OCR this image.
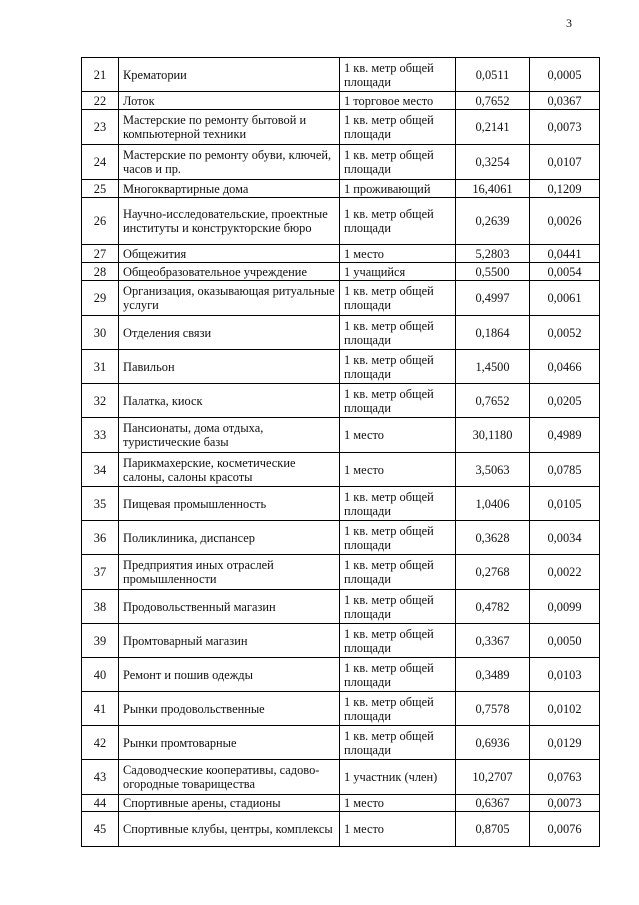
3
21	Крематории	1 кв. метр общей площади	0,0511	0,0005
22	Лоток	1 торговое место	0,7652	0,0367
23	Мастерские по ремонту бытовой и компьютерной техники	1 кв. метр общей площади	0,2141	0,0073
24	Мастерские по ремонту обуви, ключей, часов и пр.	1 кв. метр общей площади	0,3254	0,0107
25	Многоквартирные дома	1 проживающий	16,4061	0,1209
26	Научно-исследовательские, проектные институты и конструкторские бюро	1 кв. метр общей площади	0,2639	0,0026
27	Общежития	1 место	5,2803	0,0441
28	Общеобразовательное учреждение	1 учащийся	0,5500	0,0054
29	Организация, оказывающая ритуальные услуги	1 кв. метр общей площади	0,4997	0,0061
30	Отделения связи	1 кв. метр общей площади	0,1864	0,0052
31	Павильон	1 кв. метр общей площади	1,4500	0,0466
32	Палатка, киоск	1 кв. метр общей площади	0,7652	0,0205
33	Пансионаты, дома отдыха, туристические базы	1 место	30,1180	0,4989
34	Парикмахерские, косметические салоны, салоны красоты	1 место	3,5063	0,0785
35	Пищевая промышленность	1 кв. метр общей площади	1,0406	0,0105
36	Поликлиника, диспансер	1 кв. метр общей площади	0,3628	0,0034
37	Предприятия иных отраслей промышленности	1 кв. метр общей площади	0,2768	0,0022
38	Продовольственный магазин	1 кв. метр общей площади	0,4782	0,0099
39	Промтоварный магазин	1 кв. метр общей площади	0,3367	0,0050
40	Ремонт и пошив одежды	1 кв. метр общей площади	0,3489	0,0103
41	Рынки продовольственные	1 кв. метр общей площади	0,7578	0,0102
42	Рынки промтоварные	1 кв. метр общей площади	0,6936	0,0129
43	Садоводческие кооперативы, садово-огородные товарищества	1 участник (член)	10,2707	0,0763
44	Спортивные арены, стадионы	1 место	0,6367	0,0073
45	Спортивные клубы, центры, комплексы	1 место	0,8705	0,0076
